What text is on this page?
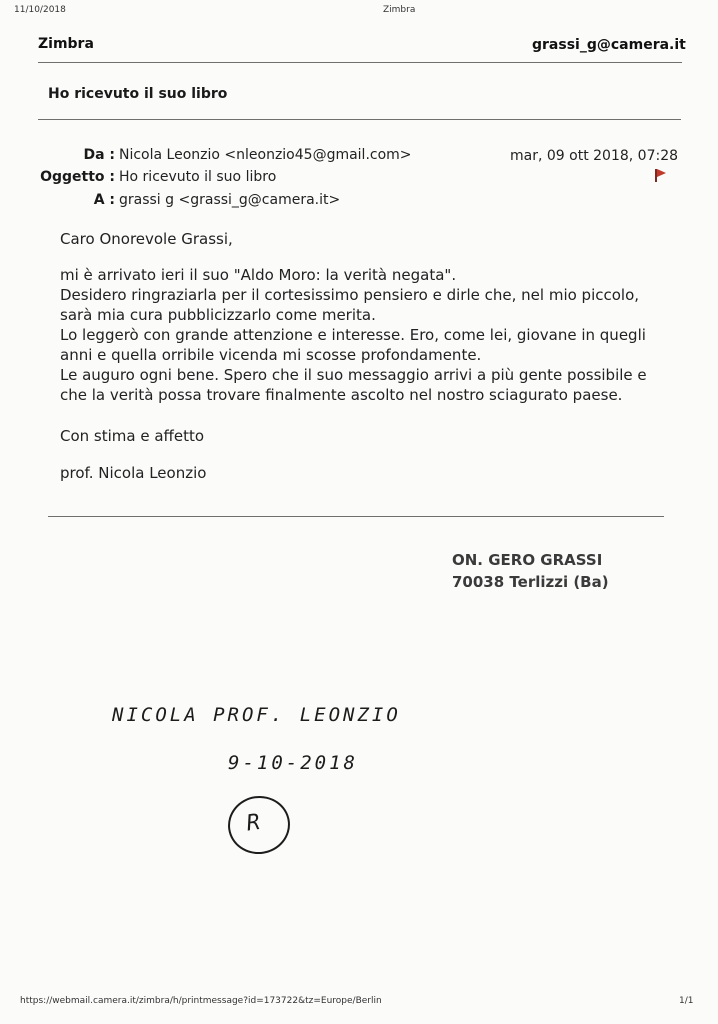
11/10/2018	Zimbra
Zimbra	grassi_g@camera.it
Ho ricevuto il suo libro
Da : Nicola Leonzio <nleonzio45@gmail.com>	mar, 09 ott 2018, 07:28
Oggetto : Ho ricevuto il suo libro
A : grassi g <grassi_g@camera.it>
Caro Onorevole Grassi,
mi è arrivato ieri il suo "Aldo Moro: la verità negata".
Desidero ringraziarla per il cortesissimo pensiero e dirle che, nel mio piccolo,
sarà mia cura pubblicizzarlo come merita.
Lo leggerò con grande attenzione e interesse. Ero, come lei, giovane in quegli
anni e quella orribile vicenda mi scosse profondamente.
Le auguro ogni bene. Spero che il suo messaggio arrivi a più gente possibile e
che la verità possa trovare finalmente ascolto nel nostro sciagurato paese.
Con stima e affetto
prof. Nicola Leonzio
ON. GERO GRASSI
70038 Terlizzi (Ba)
NICOLA PROF. LEONZIO
9-10-2018
R
https://webmail.camera.it/zimbra/h/printmessage?id=173722&tz=Europe/Berlin	1/1
